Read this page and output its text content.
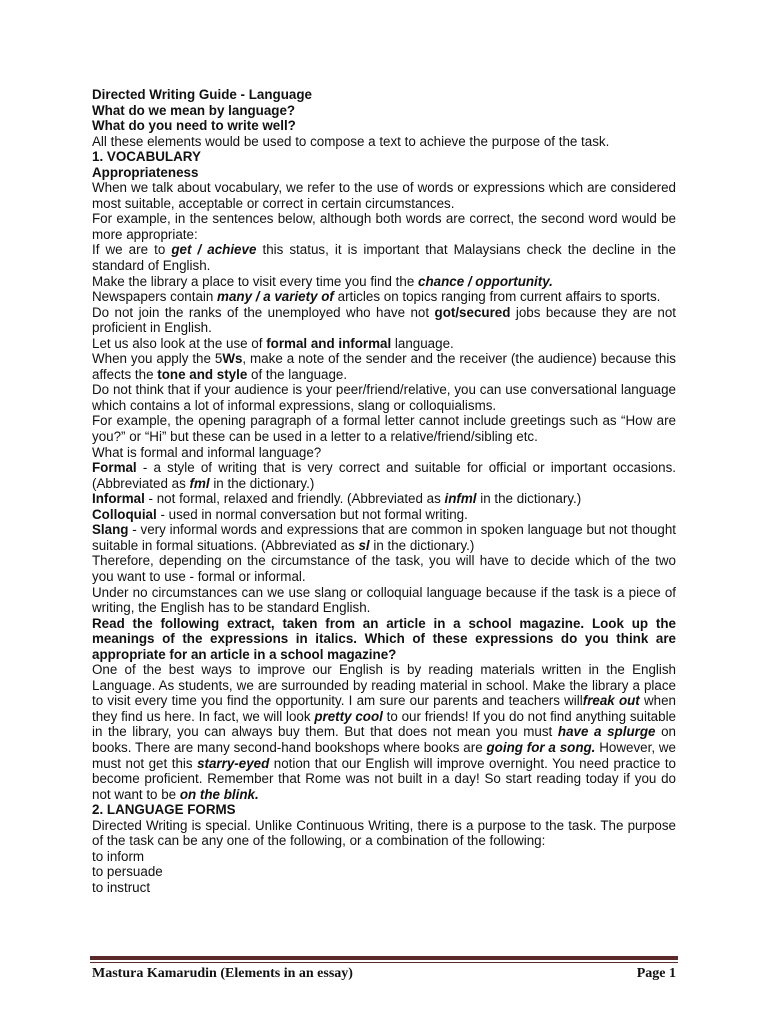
Directed Writing Guide - Language

What do we mean by language?

What do you need to write well?

All these elements would be used to compose a text to achieve the purpose of the task.

1. VOCABULARY

Appropriateness

When we talk about vocabulary, we refer to the use of words or expressions which are considered most suitable, acceptable or correct in certain circumstances.

For example, in the sentences below, although both words are correct, the second word would be more appropriate:

If we are to get / achieve this status, it is important that Malaysians check the decline in the standard of English.

Make the library a place to visit every time you find the chance / opportunity.

Newspapers contain many / a variety of articles on topics ranging from current affairs to sports.

Do not join the ranks of the unemployed who have not got/secured jobs because they are not proficient in English.

Let us also look at the use of formal and informal language.

When you apply the 5Ws, make a note of the sender and the receiver (the audience) because this affects the tone and style of the language.

Do not think that if your audience is your peer/friend/relative, you can use conversational language which contains a lot of informal expressions, slang or colloquialisms.

For example, the opening paragraph of a formal letter cannot include greetings such as “How are you?” or “Hi” but these can be used in a letter to a relative/friend/sibling etc.

What is formal and informal language?

Formal - a style of writing that is very correct and suitable for official or important occasions. (Abbreviated as fml in the dictionary.)

Informal - not formal, relaxed and friendly. (Abbreviated as infml in the dictionary.)

Colloquial - used in normal conversation but not formal writing.

Slang - very informal words and expressions that are common in spoken language but not thought suitable in formal situations. (Abbreviated as sl in the dictionary.)

Therefore, depending on the circumstance of the task, you will have to decide which of the two you want to use - formal or informal.

Under no circumstances can we use slang or colloquial language because if the task is a piece of writing, the English has to be standard English.

Read the following extract, taken from an article in a school magazine. Look up the meanings of the expressions in italics. Which of these expressions do you think are appropriate for an article in a school magazine?

One of the best ways to improve our English is by reading materials written in the English Language. As students, we are surrounded by reading material in school. Make the library a place to visit every time you find the opportunity. I am sure our parents and teachers willfreak out when they find us here. In fact, we will look pretty cool to our friends! If you do not find anything suitable in the library, you can always buy them. But that does not mean you must have a splurge on books. There are many second-hand bookshops where books are going for a song. However, we must not get this starry-eyed notion that our English will improve overnight. You need practice to become proficient. Remember that Rome was not built in a day! So start reading today if you do not want to be on the blink.

2. LANGUAGE FORMS

Directed Writing is special. Unlike Continuous Writing, there is a purpose to the task. The purpose of the task can be any one of the following, or a combination of the following:

to inform

to persuade

to instruct

Mastura Kamarudin (Elements in an essay)	Page 1
